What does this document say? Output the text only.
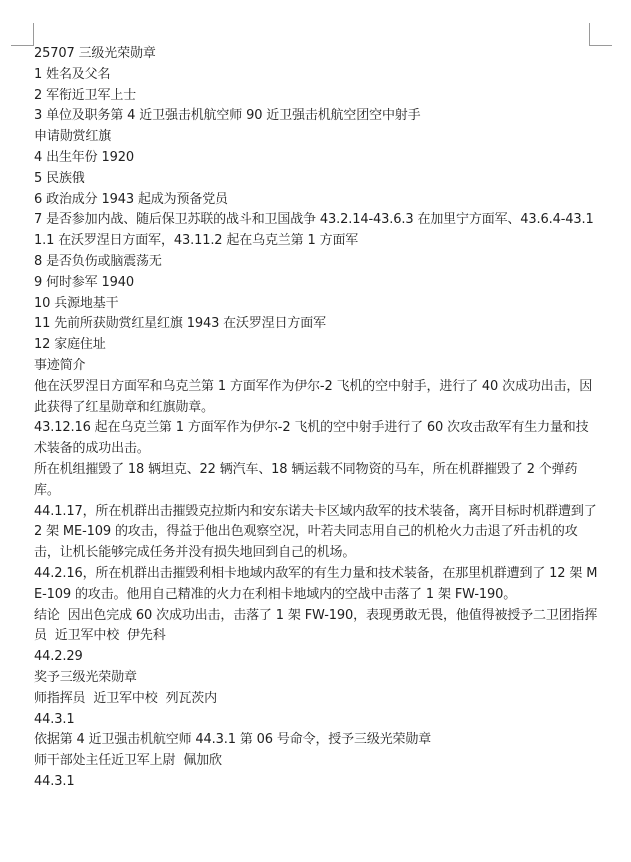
25707 三级光荣勋章
1 姓名及父名
2 军衔近卫军上士
3 单位及职务第 4 近卫强击机航空师 90 近卫强击机航空团空中射手
申请勋赏红旗
4 出生年份 1920
5 民族俄
6 政治成分 1943 起成为预备党员
7 是否参加内战、随后保卫苏联的战斗和卫国战争 43.2.14-43.6.3 在加里宁方面军、43.6.4-43.11.1 在沃罗涅日方面军，43.11.2 起在乌克兰第 1 方面军
8 是否负伤或脑震荡无
9 何时参军 1940
10 兵源地基干
11 先前所获勋赏红星红旗 1943 在沃罗涅日方面军
12 家庭住址
事迹简介
他在沃罗涅日方面军和乌克兰第 1 方面军作为伊尔-2 飞机的空中射手，进行了 40 次成功出击，因此获得了红星勋章和红旗勋章。
43.12.16 起在乌克兰第 1 方面军作为伊尔-2 飞机的空中射手进行了 60 次攻击敌军有生力量和技术装备的成功出击。
所在机组摧毁了 18 辆坦克、22 辆汽车、18 辆运载不同物资的马车，所在机群摧毁了 2 个弹药库。
44.1.17，所在机群出击摧毁克拉斯内和安东诺夫卡区域内敌军的技术装备，离开目标时机群遭到了 2 架 ME-109 的攻击，得益于他出色观察空况，叶若夫同志用自己的机枪火力击退了歼击机的攻击，让机长能够完成任务并没有损失地回到自己的机场。
44.2.16，所在机群出击摧毁利相卡地域内敌军的有生力量和技术装备，在那里机群遭到了 12 架 ME-109 的攻击。他用自己精准的火力在利相卡地域内的空战中击落了 1 架 FW-190。
结论  因出色完成 60 次成功出击，击落了 1 架 FW-190，表现勇敢无畏，他值得被授予二卫团指挥员  近卫军中校  伊先科
44.2.29
奖予三级光荣勋章
师指挥员  近卫军中校  列瓦茨内
44.3.1
依据第 4 近卫强击机航空师 44.3.1 第 06 号命令，授予三级光荣勋章
师干部处主任近卫军上尉  佩加欣
44.3.1
